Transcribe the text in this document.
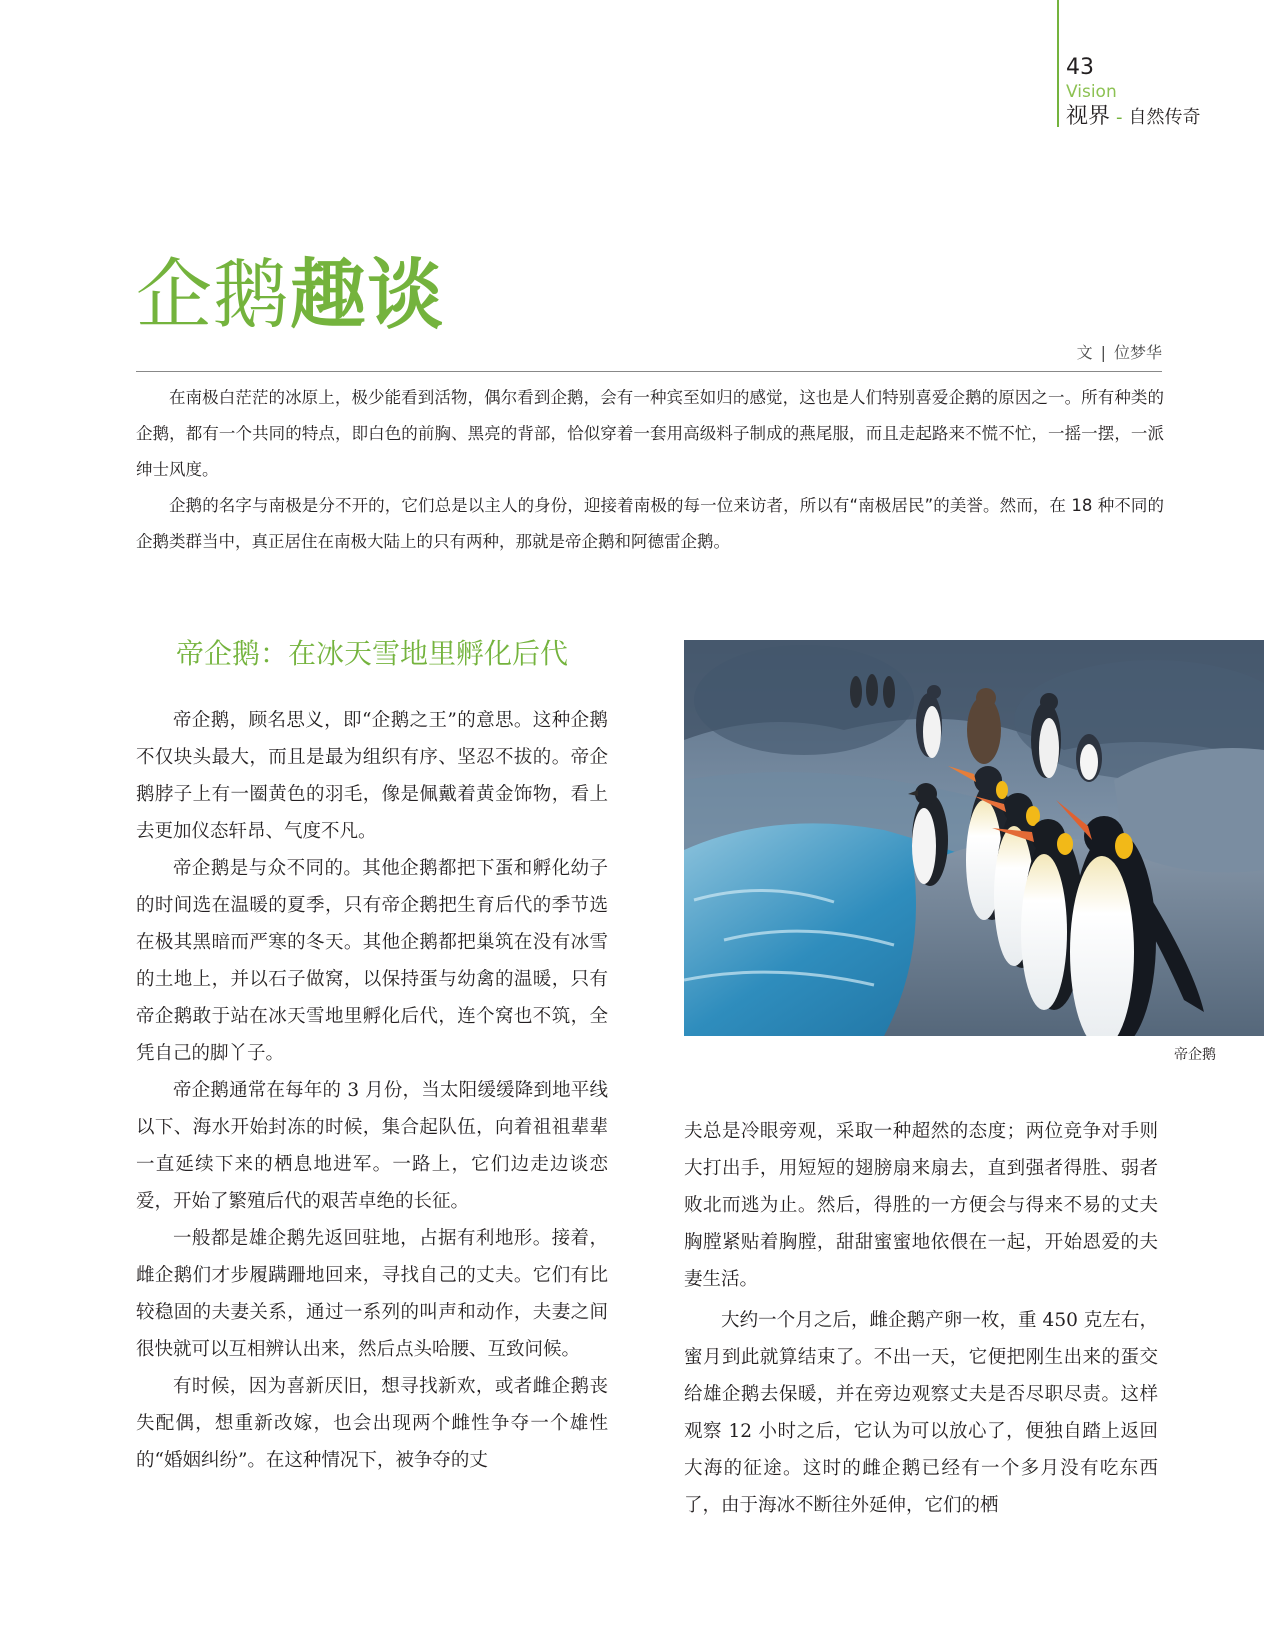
43
Vision
视界 - 自然传奇
企鹅趣谈
文 | 位梦华

在南极白茫茫的冰原上，极少能看到活物，偶尔看到企鹅，会有一种宾至如归的感觉，这也是人们特别喜爱企鹅的原因之一。所有种类的企鹅，都有一个共同的特点，即白色的前胸、黑亮的背部，恰似穿着一套用高级料子制成的燕尾服，而且走起路来不慌不忙，一摇一摆，一派绅士风度。

企鹅的名字与南极是分不开的，它们总是以主人的身份，迎接着南极的每一位来访者，所以有“南极居民”的美誉。然而，在 18 种不同的企鹅类群当中，真正居住在南极大陆上的只有两种，那就是帝企鹅和阿德雷企鹅。

帝企鹅：在冰天雪地里孵化后代

帝企鹅，顾名思义，即“企鹅之王”的意思。这种企鹅不仅块头最大，而且是最为组织有序、坚忍不拔的。帝企鹅脖子上有一圈黄色的羽毛，像是佩戴着黄金饰物，看上去更加仪态轩昂、气度不凡。

帝企鹅是与众不同的。其他企鹅都把下蛋和孵化幼子的时间选在温暖的夏季，只有帝企鹅把生育后代的季节选在极其黑暗而严寒的冬天。其他企鹅都把巢筑在没有冰雪的土地上，并以石子做窝，以保持蛋与幼禽的温暖，只有帝企鹅敢于站在冰天雪地里孵化后代，连个窝也不筑，全凭自己的脚丫子。

帝企鹅通常在每年的 3 月份，当太阳缓缓降到地平线以下、海水开始封冻的时候，集合起队伍，向着祖祖辈辈一直延续下来的栖息地进军。一路上，它们边走边谈恋爱，开始了繁殖后代的艰苦卓绝的长征。

一般都是雄企鹅先返回驻地，占据有利地形。接着，雌企鹅们才步履蹒跚地回来，寻找自己的丈夫。它们有比较稳固的夫妻关系，通过一系列的叫声和动作，夫妻之间很快就可以互相辨认出来，然后点头哈腰、互致问候。

有时候，因为喜新厌旧，想寻找新欢，或者雌企鹅丧失配偶，想重新改嫁，也会出现两个雌性争夺一个雄性的“婚姻纠纷”。在这种情况下，被争夺的丈

帝企鹅

夫总是冷眼旁观，采取一种超然的态度；两位竞争对手则大打出手，用短短的翅膀扇来扇去，直到强者得胜、弱者败北而逃为止。然后，得胜的一方便会与得来不易的丈夫胸膛紧贴着胸膛，甜甜蜜蜜地依偎在一起，开始恩爱的夫妻生活。

大约一个月之后，雌企鹅产卵一枚，重 450 克左右，蜜月到此就算结束了。不出一天，它便把刚生出来的蛋交给雄企鹅去保暖，并在旁边观察丈夫是否尽职尽责。这样观察 12 小时之后，它认为可以放心了，便独自踏上返回大海的征途。这时的雌企鹅已经有一个多月没有吃东西了，由于海冰不断往外延伸，它们的栖
